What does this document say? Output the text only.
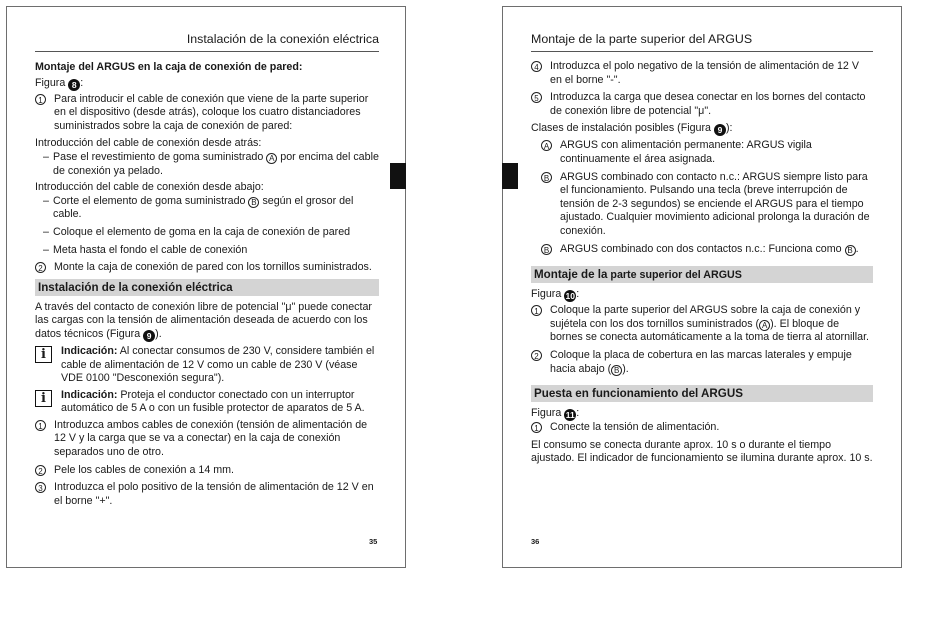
Instalación de la conexión eléctrica

Montaje del ARGUS en la caja de conexión de pared:

Figura 8 :

1	Para introducir el cable de conexión que viene de la parte superior en el dispositivo (desde atrás), coloque los cuatro distanciadores suministrados sobre la caja de conexión de pared:

Introducción del cable de conexión desde atrás:

– Pase el revestimiento de goma suministrado A por encima del cable de conexión ya pelado.

Introducción del cable de conexión desde abajo:

– Corte el elemento de goma suministrado B según el grosor del cable.
– Coloque el elemento de goma en la caja de conexión de pared
– Meta hasta el fondo el cable de conexión
2	Monte la caja de conexión de pared con los tornillos suministrados.
Instalación de la conexión eléctrica

A través del contacto de conexión libre de potencial "μ" puede conectar las cargas con la tensión de alimentación deseada de acuerdo con los datos técnicos (Figura 9 ).

i	Indicación: Al conectar consumos de 230 V, considere también el cable de alimentación de 12 V como un cable de 230 V (véase VDE 0100 "Desconexión segura").
i	Indicación: Proteja el conductor conectado con un interruptor automático de 5 A o con un fusible protector de aparatos de 5 A.
1	Introduzca ambos cables de conexión (tensión de alimentación de 12 V y la carga que se va a conectar) en la caja de conexión separados uno de otro.
2	Pele los cables de conexión a 14 mm.
3	Introduzca el polo positivo de la tensión de alimentación de 12 V en el borne "+".
35
Montaje de la parte superior del ARGUS
4	Introduzca el polo negativo de la tensión de alimentación de 12 V en el borne "-".
5	Introduzca la carga que desea conectar en los bornes del contacto de conexión libre de potencial "μ".

Clases de instalación posibles (Figura 9 ):

A ARGUS con alimentación permanente: ARGUS vigila continuamente el área asignada.
B ARGUS combinado con contacto n.c.: ARGUS siempre listo para el funcionamiento. Pulsando una tecla (breve interrupción de tensión de 2-3 segundos) se enciende el ARGUS para el tiempo ajustado. Cualquier movimiento adicional prolonga la duración de conexión.
B ARGUS combinado con dos contactos n.c.: Funciona como B .
Montaje de la parte superior del ARGUS

Figura 10:

1	Coloque la parte superior del ARGUS sobre la caja de conexión y sujétela con los dos tornillos suministrados ( A ). El bloque de bornes se conecta automáticamente a la toma de tierra al atornillar.
2	Coloque la placa de cobertura en las marcas laterales y empuje hacia abajo ( B ).
Puesta en funcionamiento del ARGUS

Figura 11 :

1	Conecte la tensión de alimentación.

El consumo se conecta durante aprox. 10 s o durante el tiempo ajustado. El indicador de funcionamiento se ilumina durante aprox. 10 s.

36
